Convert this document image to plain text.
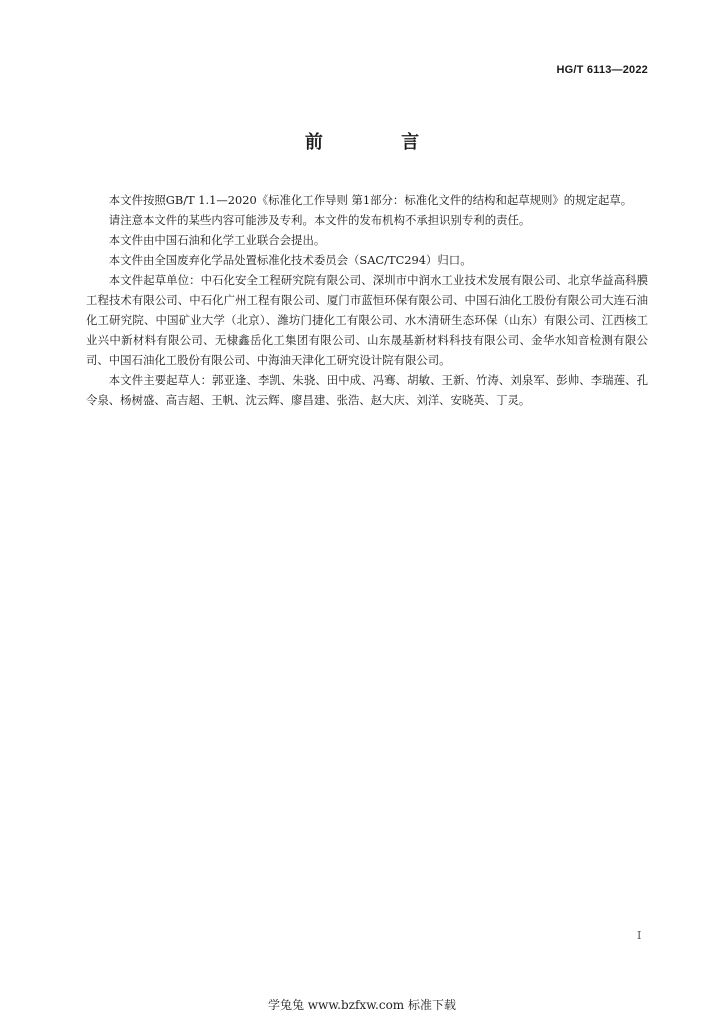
HG/T 6113—2022
前 言

本文件按照GB/T 1.1—2020《标准化工作导则 第1部分：标准化文件的结构和起草规则》的规定起草。

请注意本文件的某些内容可能涉及专利。本文件的发布机构不承担识别专利的责任。

本文件由中国石油和化学工业联合会提出。

本文件由全国废弃化学品处置标准化技术委员会（SAC/TC294）归口。

本文件起草单位：中石化安全工程研究院有限公司、深圳市中润水工业技术发展有限公司、北京华益高科膜工程技术有限公司、中石化广州工程有限公司、厦门市蓝恒环保有限公司、中国石油化工股份有限公司大连石油化工研究院、中国矿业大学（北京）、潍坊门捷化工有限公司、水木清研生态环保（山东）有限公司、江西核工业兴中新材料有限公司、无棣鑫岳化工集团有限公司、山东晟基新材料科技有限公司、金华水知音检测有限公司、中国石油化工股份有限公司、中海油天津化工研究设计院有限公司。

本文件主要起草人：郭亚逢、李凯、朱骁、田中成、冯骞、胡敏、王新、竹涛、刘泉军、彭帅、李瑞莲、孔令泉、杨树盛、高吉超、王帆、沈云辉、廖昌建、张浩、赵大庆、刘洋、安晓英、丁灵。

I
学兔兔 www.bzfxw.com 标准下载
